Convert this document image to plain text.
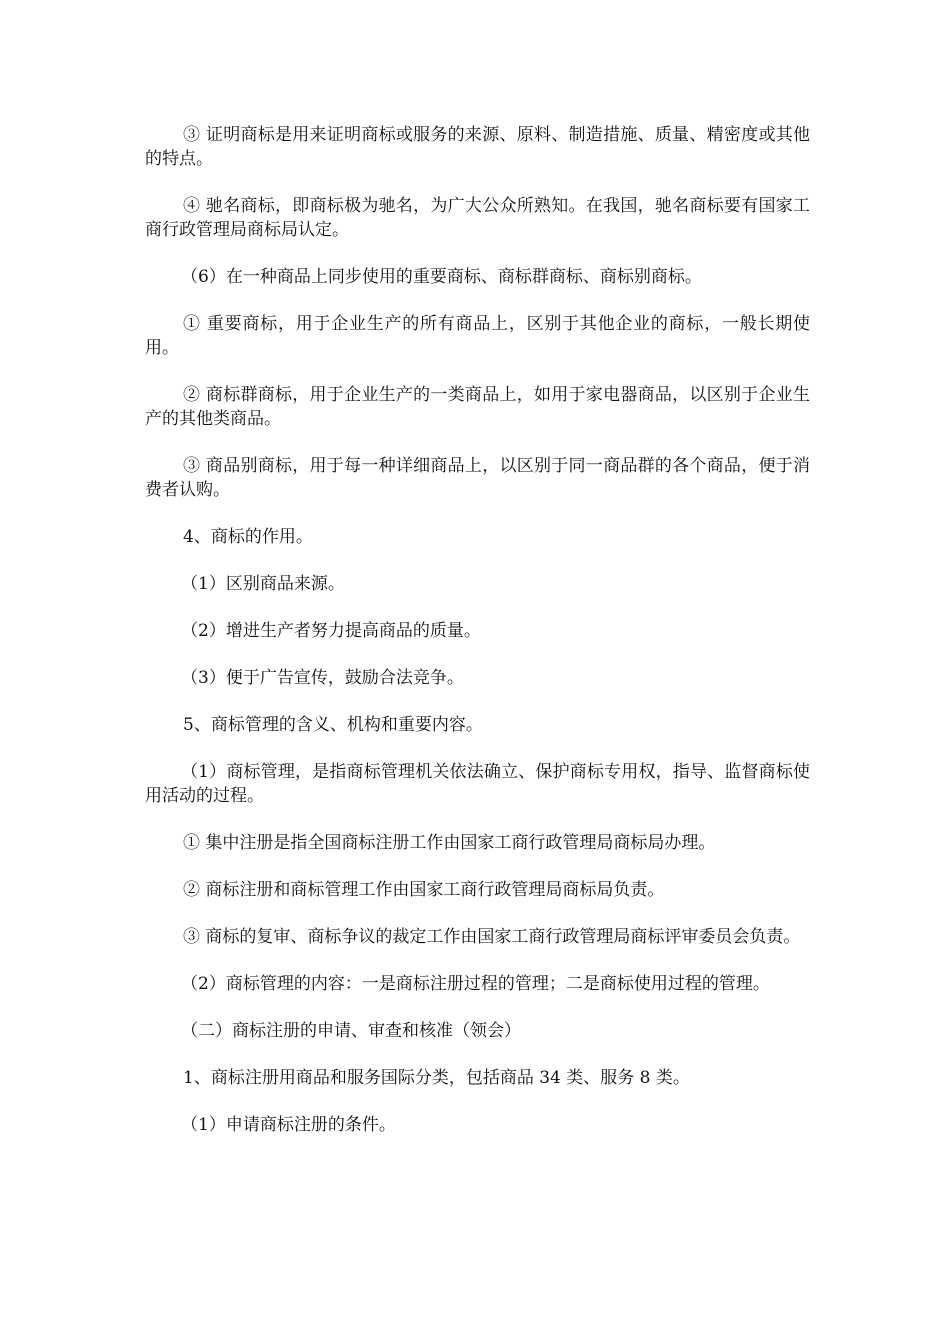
③ 证明商标是用来证明商标或服务的来源、原料、制造措施、质量、精密度或其他的特点。

④ 驰名商标，即商标极为驰名，为广大公众所熟知。在我国，驰名商标要有国家工商行政管理局商标局认定。

（6）在一种商品上同步使用的重要商标、商标群商标、商标别商标。

① 重要商标，用于企业生产的所有商品上，区别于其他企业的商标，一般长期使用。

② 商标群商标，用于企业生产的一类商品上，如用于家电器商品，以区别于企业生产的其他类商品。

③ 商品别商标，用于每一种详细商品上，以区别于同一商品群的各个商品，便于消费者认购。

4、商标的作用。

（1）区别商品来源。

（2）增进生产者努力提高商品的质量。

（3）便于广告宣传，鼓励合法竞争。

5、商标管理的含义、机构和重要内容。

（1）商标管理，是指商标管理机关依法确立、保护商标专用权，指导、监督商标使用活动的过程。

① 集中注册是指全国商标注册工作由国家工商行政管理局商标局办理。

② 商标注册和商标管理工作由国家工商行政管理局商标局负责。

③ 商标的复审、商标争议的裁定工作由国家工商行政管理局商标评审委员会负责。

（2）商标管理的内容：一是商标注册过程的管理；二是商标使用过程的管理。

（二）商标注册的申请、审查和核准（领会）

1、商标注册用商品和服务国际分类，包括商品 34 类、服务 8 类。

（1）申请商标注册的条件。
